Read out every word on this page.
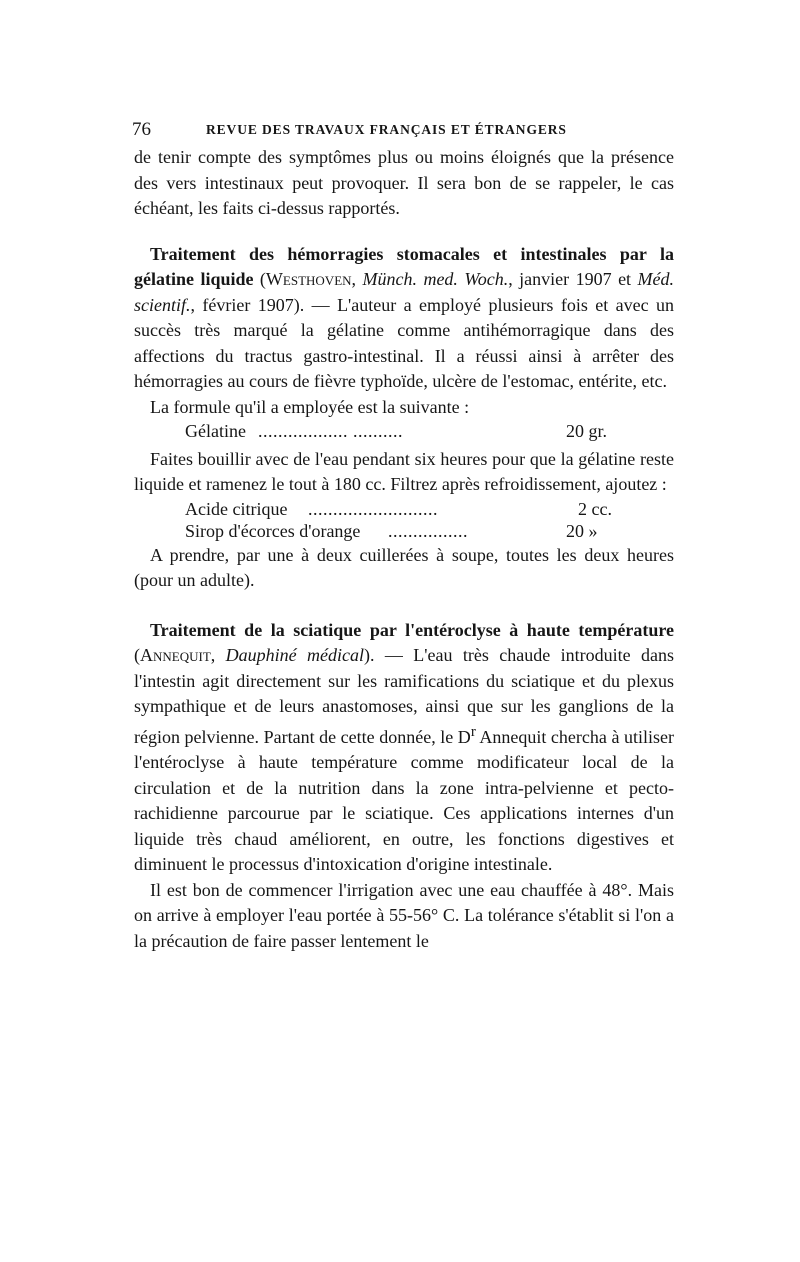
76	REVUE DES TRAVAUX FRANÇAIS ET ÉTRANGERS

de tenir compte des symptômes plus ou moins éloignés que la présence des vers intestinaux peut provoquer. Il sera bon de se rappeler, le cas échéant, les faits ci-dessus rapportés.

Traitement des hémorragies stomacales et intestinales par la gélatine liquide (Westhoven, Münch. med. Woch., janvier 1907 et Méd. scientif., février 1907). — L'auteur a employé plusieurs fois et avec un succès très marqué la gélatine comme antihémorragique dans des affections du tractus gastro-intestinal. Il a réussi ainsi à arrêter des hémorragies au cours de fièvre typhoïde, ulcère de l'estomac, entérite, etc.

La formule qu'il a employée est la suivante :

Gélatine .................. ..........	20 gr.

Faites bouillir avec de l'eau pendant six heures pour que la gélatine reste liquide et ramenez le tout à 180 cc. Filtrez après refroidissement, ajoutez :

Acide citrique ..........................	2 cc.
Sirop d'écorces d'orange ................	20 »

A prendre, par une à deux cuillerées à soupe, toutes les deux heures (pour un adulte).

Traitement de la sciatique par l'entéroclyse à haute température (Annequit, Dauphiné médical). — L'eau très chaude introduite dans l'intestin agit directement sur les ramifications du sciatique et du plexus sympathique et de leurs anastomoses, ainsi que sur les ganglions de la région pelvienne. Partant de cette donnée, le $D^r$ Annequit chercha à utiliser l'entéroclyse à haute température comme modificateur local de la circulation et de la nutrition dans la zone intra-pelvienne et pecto-rachidienne parcourue par le sciatique. Ces applications internes d'un liquide très chaud améliorent, en outre, les fonctions digestives et diminuent le processus d'intoxication d'origine intestinale.

Il est bon de commencer l'irrigation avec une eau chauffée à 48°. Mais on arrive à employer l'eau portée à 55-56° C. La tolérance s'établit si l'on a la précaution de faire passer lentement le
